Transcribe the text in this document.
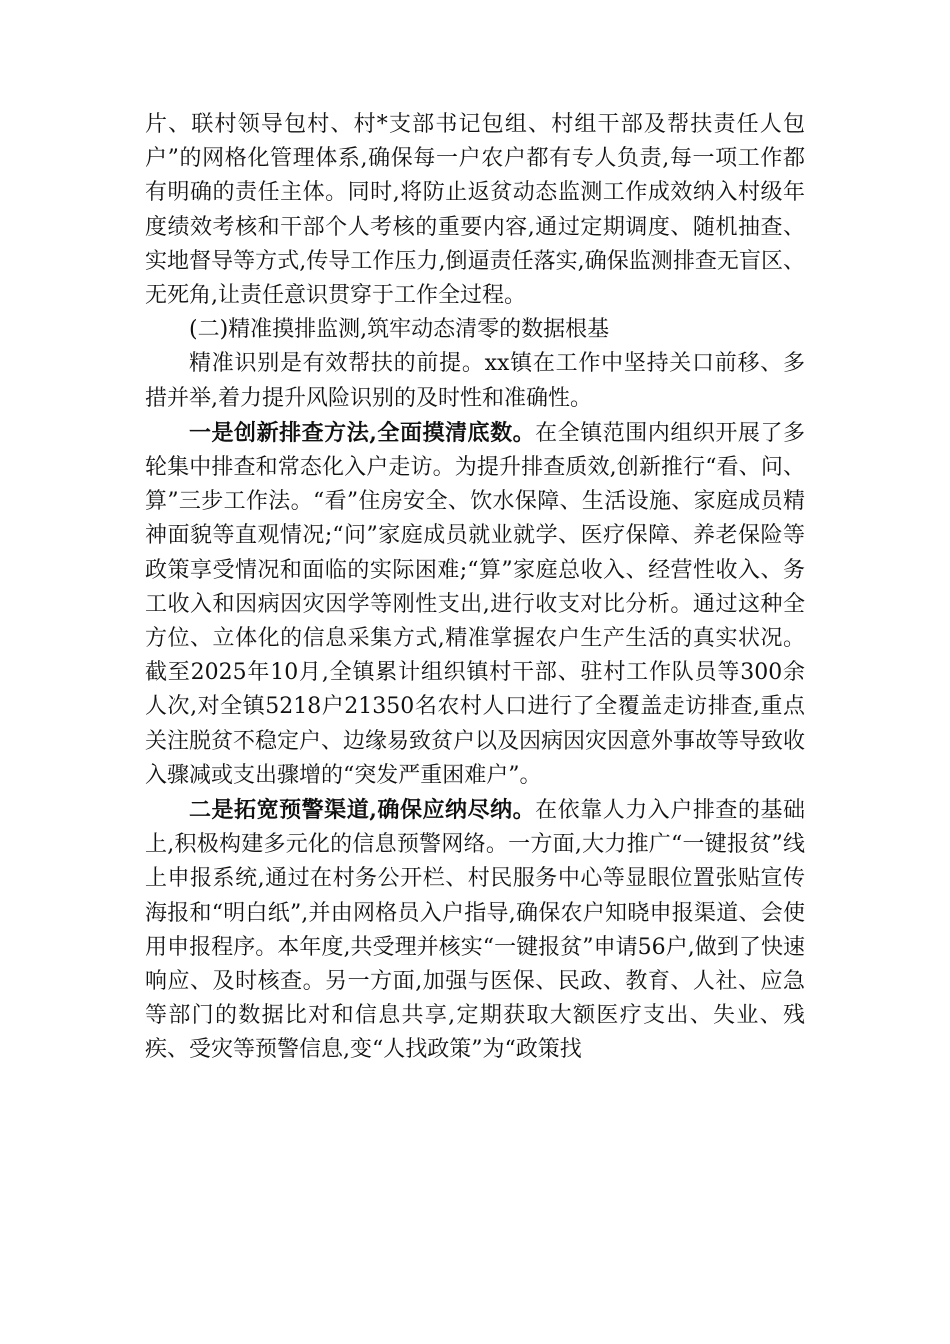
片、联村领导包村、村*支部书记包组、村组干部及帮扶责任人包户”的网格化管理体系,确保每一户农户都有专人负责,每一项工作都有明确的责任主体。同时,将防止返贫动态监测工作成效纳入村级年度绩效考核和干部个人考核的重要内容,通过定期调度、随机抽查、实地督导等方式,传导工作压力,倒逼责任落实,确保监测排查无盲区、无死角,让责任意识贯穿于工作全过程。

(二)精准摸排监测,筑牢动态清零的数据根基

精准识别是有效帮扶的前提。xx镇在工作中坚持关口前移、多措并举,着力提升风险识别的及时性和准确性。

一是创新排查方法,全面摸清底数。在全镇范围内组织开展了多轮集中排查和常态化入户走访。为提升排查质效,创新推行“看、问、算”三步工作法。“看”住房安全、饮水保障、生活设施、家庭成员精神面貌等直观情况;“问”家庭成员就业就学、医疗保障、养老保险等政策享受情况和面临的实际困难;“算”家庭总收入、经营性收入、务工收入和因病因灾因学等刚性支出,进行收支对比分析。通过这种全方位、立体化的信息采集方式,精准掌握农户生产生活的真实状况。截至2025年10月,全镇累计组织镇村干部、驻村工作队员等300余人次,对全镇5218户21350名农村人口进行了全覆盖走访排查,重点关注脱贫不稳定户、边缘易致贫户以及因病因灾因意外事故等导致收入骤减或支出骤增的“突发严重困难户”。

二是拓宽预警渠道,确保应纳尽纳。在依靠人力入户排查的基础上,积极构建多元化的信息预警网络。一方面,大力推广“一键报贫”线上申报系统,通过在村务公开栏、村民服务中心等显眼位置张贴宣传海报和“明白纸”,并由网格员入户指导,确保农户知晓申报渠道、会使用申报程序。本年度,共受理并核实“一键报贫”申请56户,做到了快速响应、及时核查。另一方面,加强与医保、民政、教育、人社、应急等部门的数据比对和信息共享,定期获取大额医疗支出、失业、残疾、受灾等预警信息,变“人找政策”为“政策找
